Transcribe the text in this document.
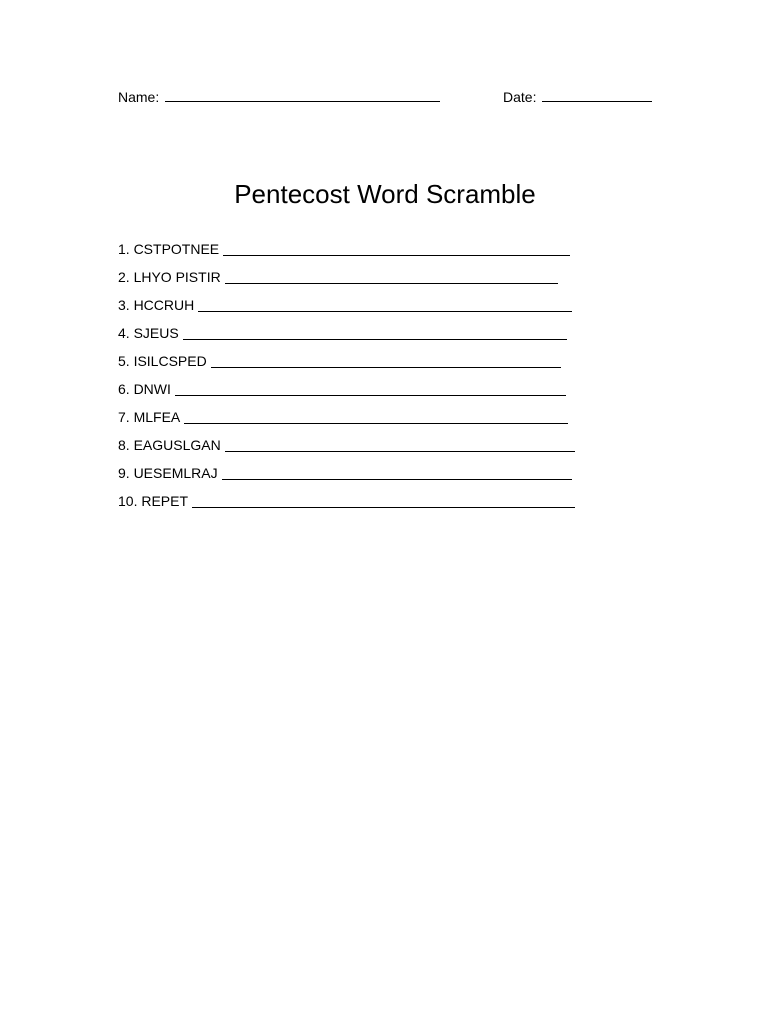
Name:	Date:
Pentecost Word Scramble
1. CSTPOTNEE
2. LHYO PISTIR
3. HCCRUH
4. SJEUS
5. ISILCSPED
6. DNWI
7. MLFEA
8. EAGUSLGAN
9. UESEMLRAJ
10. REPET
